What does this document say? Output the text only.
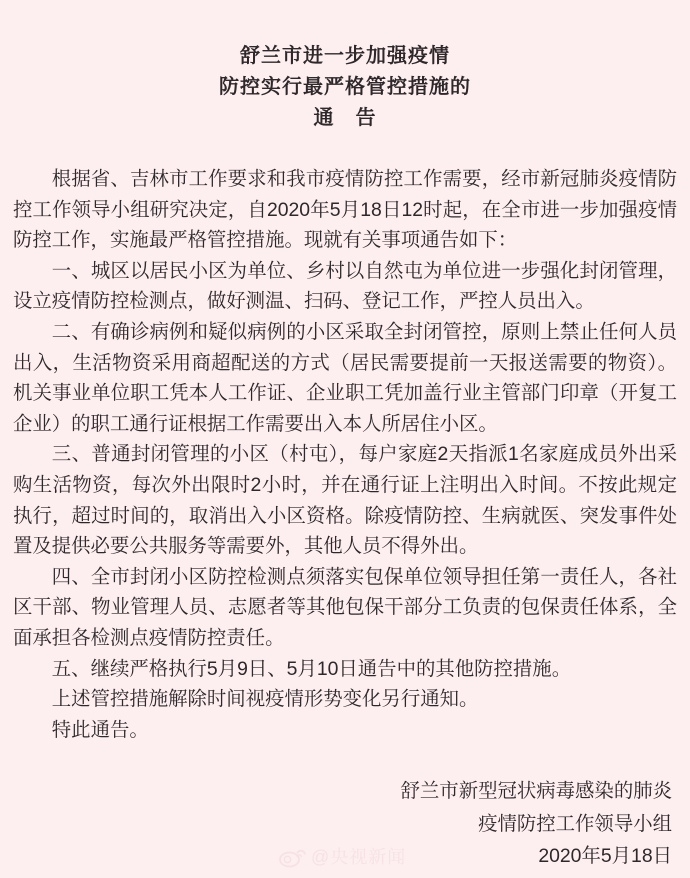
舒兰市进一步加强疫情
防控实行最严格管控措施的
通　告

根据省、吉林市工作要求和我市疫情防控工作需要，经市新冠肺炎疫情防控工作领导小组研究决定，自2020年5月18日12时起，在全市进一步加强疫情防控工作，实施最严格管控措施。现就有关事项通告如下：

一、城区以居民小区为单位、乡村以自然屯为单位进一步强化封闭管理，设立疫情防控检测点，做好测温、扫码、登记工作，严控人员出入。

二、有确诊病例和疑似病例的小区采取全封闭管控，原则上禁止任何人员出入，生活物资采用商超配送的方式（居民需要提前一天报送需要的物资）。机关事业单位职工凭本人工作证、企业职工凭加盖行业主管部门印章（开复工企业）的职工通行证根据工作需要出入本人所居住小区。

三、普通封闭管理的小区（村屯），每户家庭2天指派1名家庭成员外出采购生活物资，每次外出限时2小时，并在通行证上注明出入时间。不按此规定执行，超过时间的，取消出入小区资格。除疫情防控、生病就医、突发事件处置及提供必要公共服务等需要外，其他人员不得外出。

四、全市封闭小区防控检测点须落实包保单位领导担任第一责任人，各社区干部、物业管理人员、志愿者等其他包保干部分工负责的包保责任体系，全面承担各检测点疫情防控责任。

五、继续严格执行5月9日、5月10日通告中的其他防控措施。

上述管控措施解除时间视疫情形势变化另行通知。

特此通告。

舒兰市新型冠状病毒感染的肺炎
疫情防控工作领导小组
2020年5月18日
@央视新闻
